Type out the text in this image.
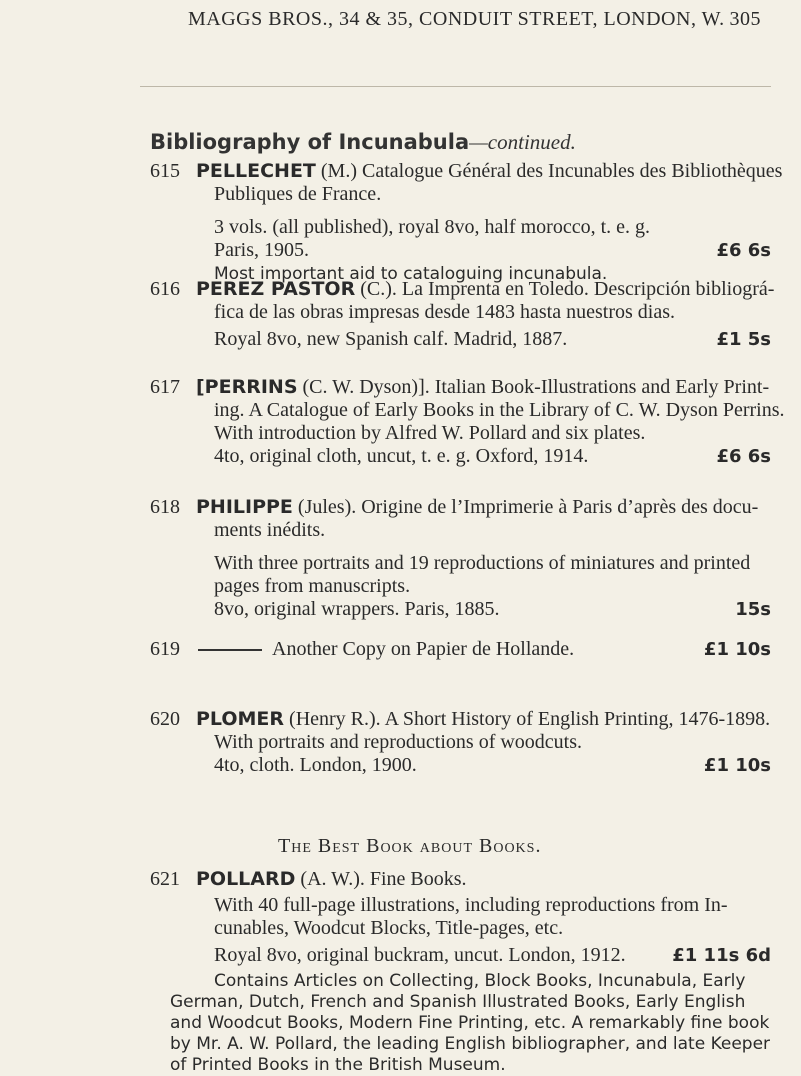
MAGGS BROS., 34 & 35, CONDUIT STREET, LONDON, W. 305
Bibliography of Incunabula—continued.
615 PELLECHET (M.) Catalogue Général des Incunables des Bibliothèques
Publiques de France.
3 vols. (all published), royal 8vo, half morocco, t. e. g.
Paris, 1905.	£6 6s
Most important aid to cataloguing incunabula.
616 PEREZ PASTOR (C.). La Imprenta en Toledo. Descripción bibliográ-
fica de las obras impresas desde 1483 hasta nuestros dias.
Royal 8vo, new Spanish calf. Madrid, 1887.	£1 5s
617 [PERRINS (C. W. Dyson)]. Italian Book-Illustrations and Early Print-
ing. A Catalogue of Early Books in the Library of C. W. Dyson Perrins.
With introduction by Alfred W. Pollard and six plates.
4to, original cloth, uncut, t. e. g. Oxford, 1914.	£6 6s
618 PHILIPPE (Jules). Origine de l’Imprimerie à Paris d’après des docu-
ments inédits.
With three portraits and 19 reproductions of miniatures and printed
pages from manuscripts.
8vo, original wrappers. Paris, 1885.	15s
619	Another Copy on Papier de Hollande.	£1 10s
620 PLOMER (Henry R.). A Short History of English Printing, 1476-1898.
With portraits and reproductions of woodcuts.
4to, cloth. London, 1900.	£1 10s
The Best Book about Books.
621 POLLARD (A. W.). Fine Books.
With 40 full-page illustrations, including reproductions from In-
cunables, Woodcut Blocks, Title-pages, etc.
Royal 8vo, original buckram, uncut. London, 1912.	£1 11s 6d
Contains Articles on Collecting, Block Books, Incunabula, Early German, Dutch, French and Spanish Illustrated Books, Early English and Woodcut Books, Modern Fine Printing, etc. A remarkably fine book by Mr. A. W. Pollard, the leading English bibliographer, and late Keeper of Printed Books in the British Museum.
